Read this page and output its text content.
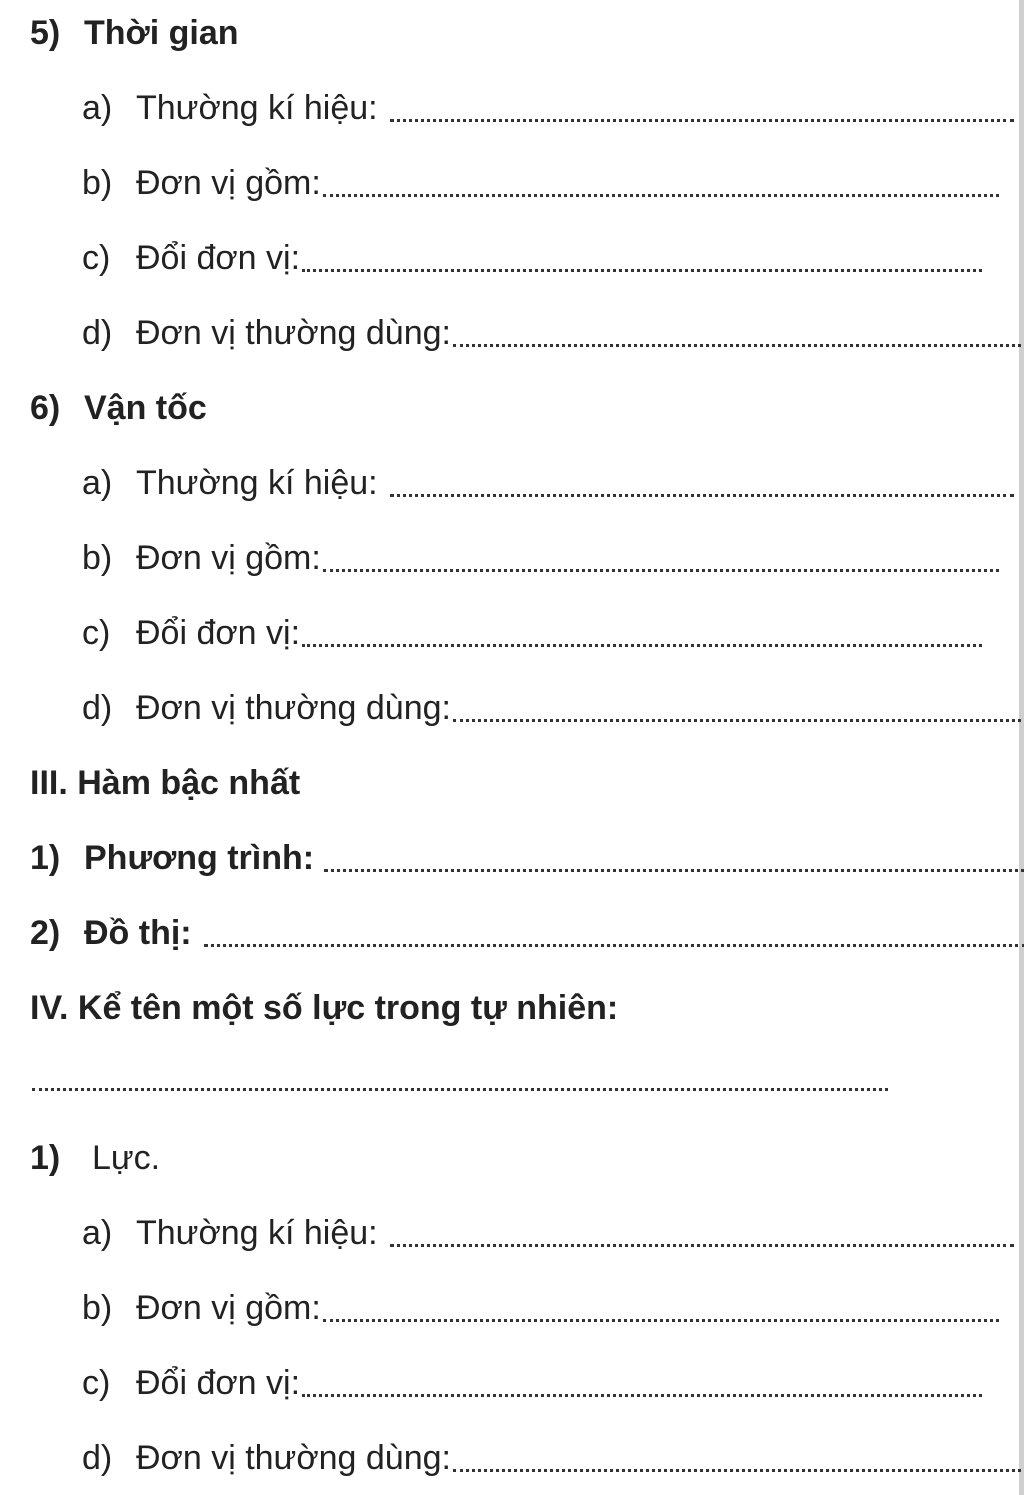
5) Thời gian
a) Thường kí hiệu:
b) Đơn vị gồm:
c) Đổi đơn vị:
d) Đơn vị thường dùng:
6) Vận tốc
a) Thường kí hiệu:
b) Đơn vị gồm:
c) Đổi đơn vị:
d) Đơn vị thường dùng:
III. Hàm bậc nhất
1) Phương trình:
2) Đồ thị:
IV. Kể tên một số lực trong tự nhiên:
1) Lực.
a) Thường kí hiệu:
b) Đơn vị gồm:
c) Đổi đơn vị:
d) Đơn vị thường dùng:
